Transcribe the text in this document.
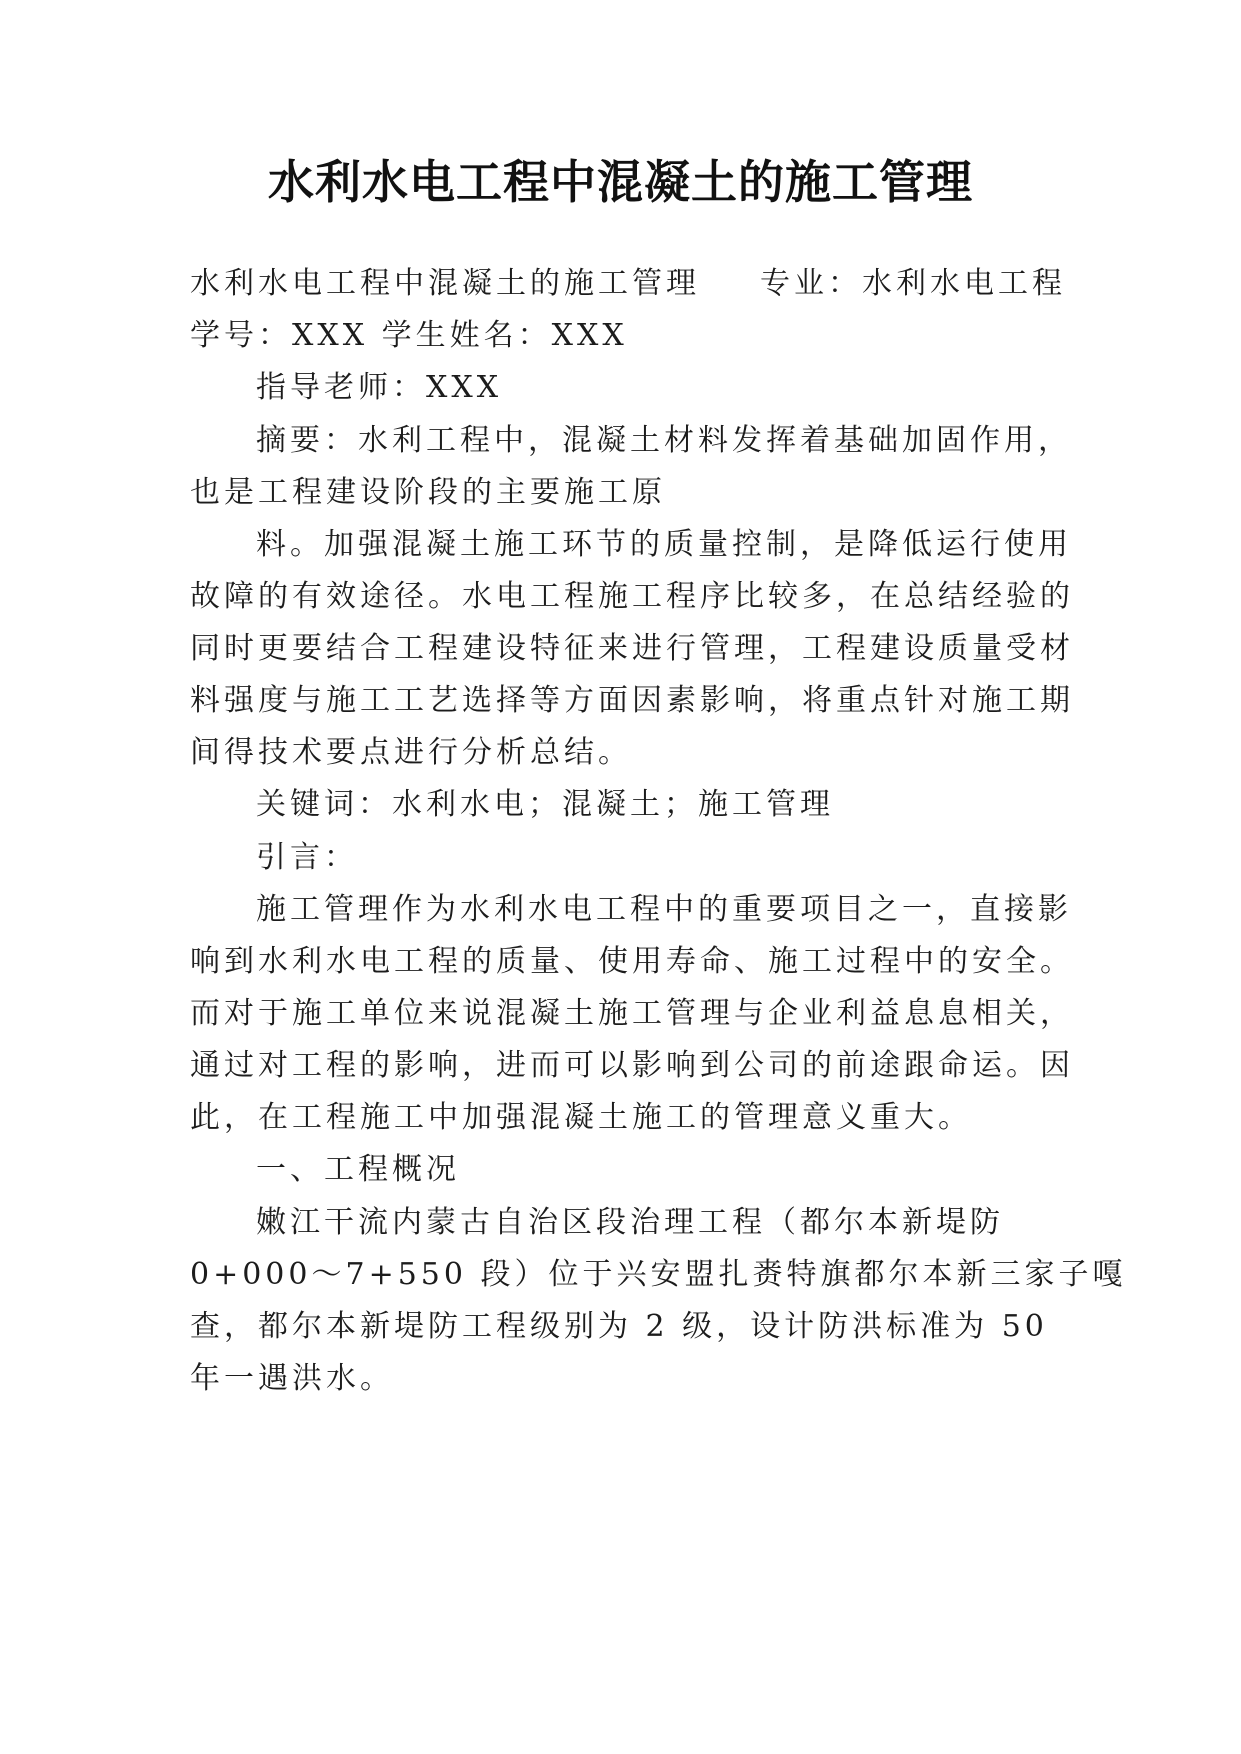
水利水电工程中混凝土的施工管理
水利水电工程中混凝土的施工管理 专业：水利水电工程
学号：XXX 学生姓名：XXX
指导老师：XXX
摘要：水利工程中，混凝土材料发挥着基础加固作用，
也是工程建设阶段的主要施工原
料。加强混凝土施工环节的质量控制，是降低运行使用
故障的有效途径。水电工程施工程序比较多，在总结经验的
同时更要结合工程建设特征来进行管理，工程建设质量受材
料强度与施工工艺选择等方面因素影响，将重点针对施工期
间得技术要点进行分析总结。
关键词：水利水电；混凝土；施工管理
引言：
施工管理作为水利水电工程中的重要项目之一，直接影
响到水利水电工程的质量、使用寿命、施工过程中的安全。
而对于施工单位来说混凝土施工管理与企业利益息息相关，
通过对工程的影响，进而可以影响到公司的前途跟命运。因
此，在工程施工中加强混凝土施工的管理意义重大。
一、工程概况
嫩江干流内蒙古自治区段治理工程（都尔本新堤防
0+000～7+550 段）位于兴安盟扎赉特旗都尔本新三家子嘎
查，都尔本新堤防工程级别为 2 级，设计防洪标准为 50
年一遇洪水。
